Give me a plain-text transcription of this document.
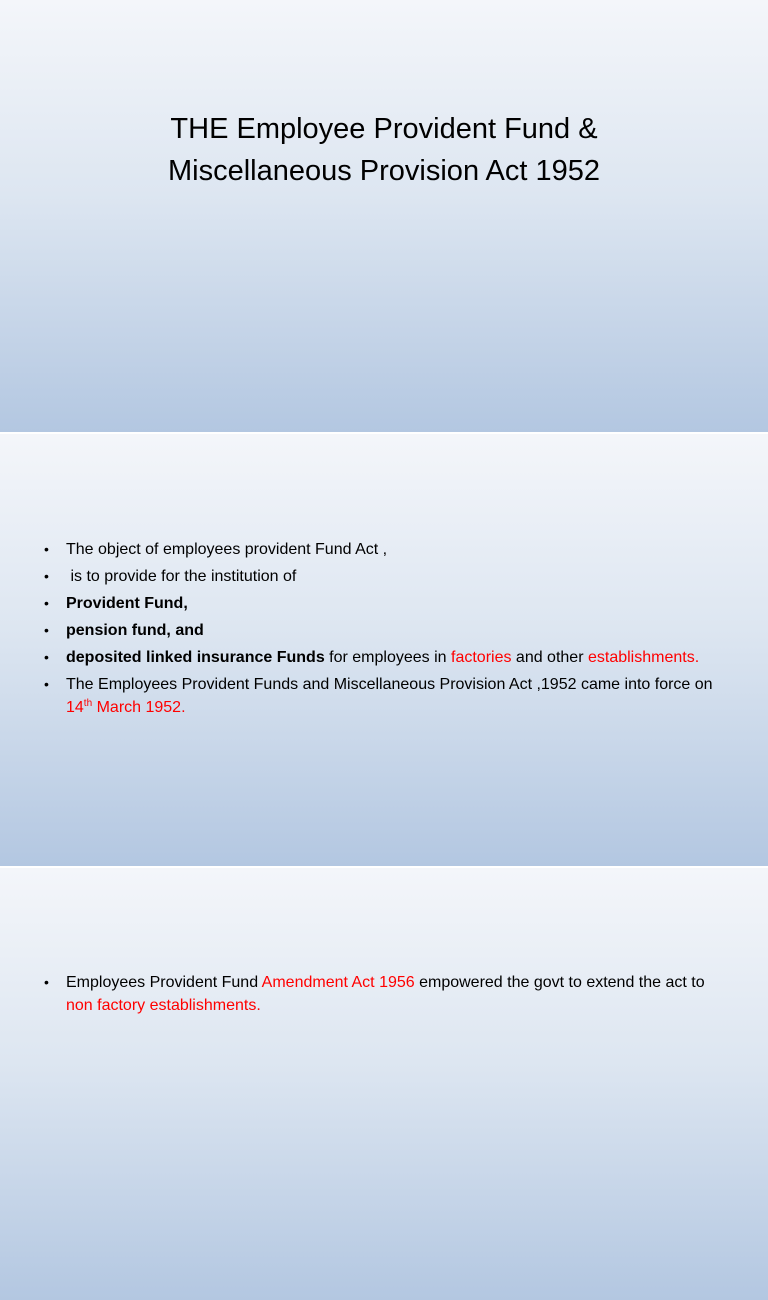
THE Employee Provident Fund &
Miscellaneous Provision Act 1952
•	The object of employees provident Fund Act ,
•	is to provide for the institution of
•	Provident Fund,
•	pension fund, and
•	deposited linked insurance Funds for employees in factories and other establishments.
•	The Employees Provident Funds and Miscellaneous Provision Act ,1952 came into force on 14th March 1952.
•	Employees Provident Fund Amendment Act 1956 empowered the govt to extend the act to non factory establishments.
